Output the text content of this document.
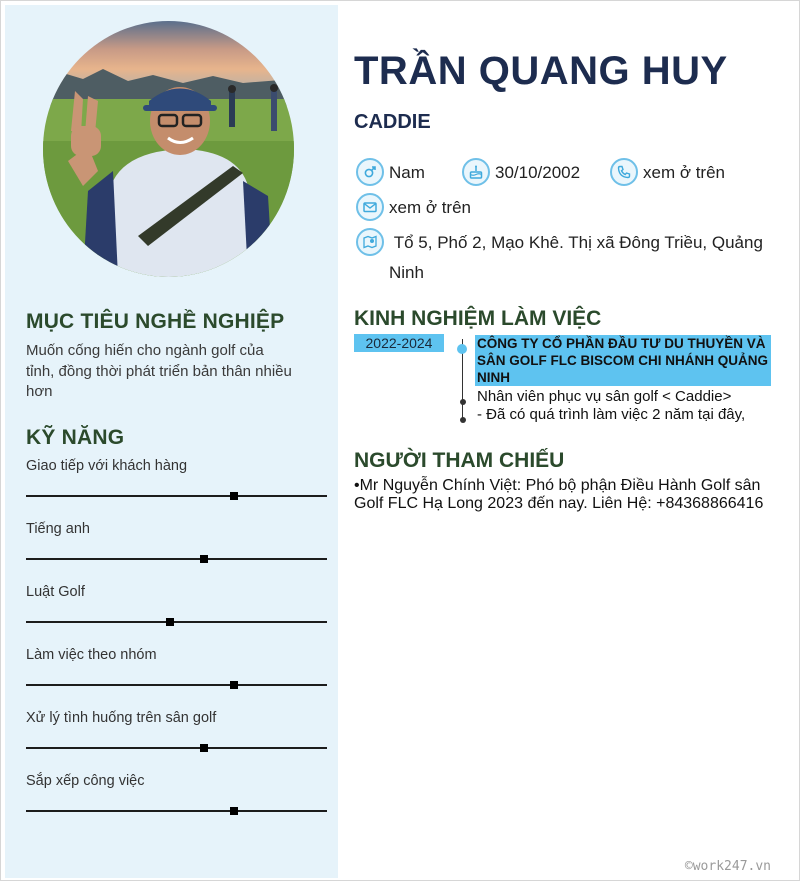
MỤC TIÊU NGHỀ NGHIỆP
Muốn cống hiến cho ngành golf của tỉnh, đồng thời phát triển bản thân nhiều hơn
KỸ NĂNG
Giao tiếp với khách hàng
Tiếng anh
Luật Golf
Làm việc theo nhóm
Xử lý tình huống trên sân golf
Sắp xếp công việc
TRẦN QUANG HUY
CADDIE
Nam	30/10/2002	xem ở trên
xem ở trên
Tổ 5, Phố 2, Mạo Khê. Thị xã Đông Triều, Quảng Ninh
KINH NGHIỆM LÀM VIỆC
2022-2024	CÔNG TY CỔ PHẦN ĐẦU TƯ DU THUYỀN VÀ SÂN GOLF FLC BISCOM CHI NHÁNH QUẢNG NINH
Nhân viên phục vụ sân golf < Caddie>
- Đã có quá trình làm việc 2 năm tại đây,
NGƯỜI THAM CHIẾU
•Mr Nguyễn Chính Việt: Phó bộ phận Điều Hành Golf sân Golf FLC Hạ Long 2023 đến nay. Liên Hệ: +84368866416
©work247.vn
